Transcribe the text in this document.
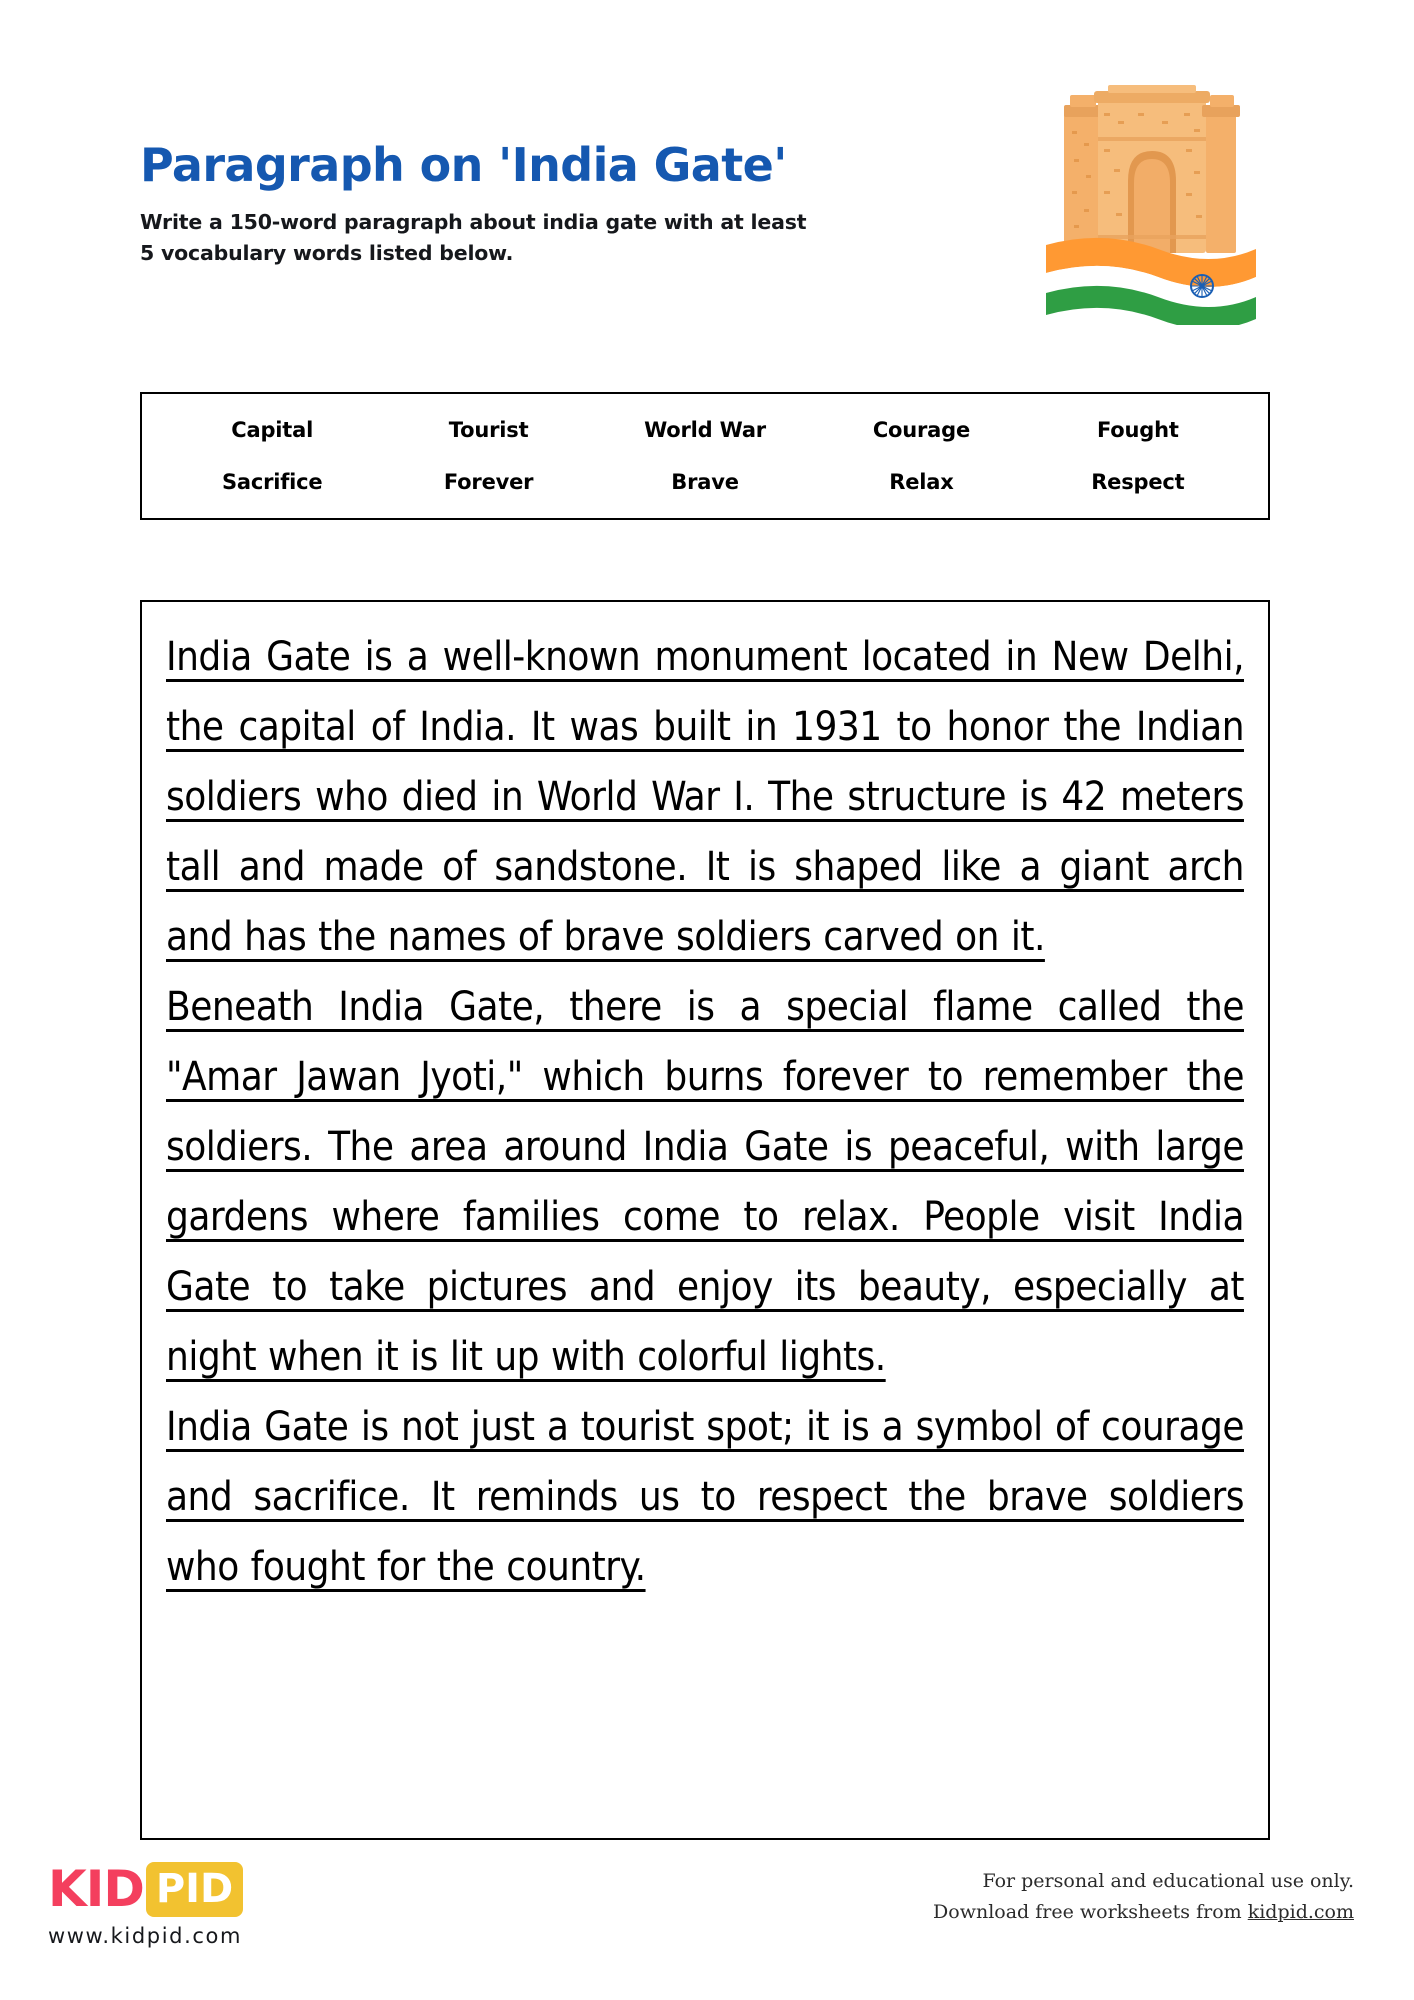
Paragraph on 'India Gate'
Write a 150-word paragraph about india gate with at least
5 vocabulary words listed below.
Capital	Tourist	World War	Courage	Fought
Sacrifice	Forever	Brave	Relax	Respect

India Gate is a well-known monument located in New Delhi, the capital of India. It was built in 1931 to honor the Indian soldiers who died in World War I. The structure is 42 meters tall and made of sandstone. It is shaped like a giant arch and has the names of brave soldiers carved on it.

Beneath India Gate, there is a special flame called the "Amar Jawan Jyoti," which burns forever to remember the soldiers. The area around India Gate is peaceful, with large gardens where families come to relax. People visit India Gate to take pictures and enjoy its beauty, especially at night when it is lit up with colorful lights.

India Gate is not just a tourist spot; it is a symbol of courage and sacrifice. It reminds us to respect the brave soldiers who fought for the country.

KID PID
www.kidpid.com
For personal and educational use only.
Download free worksheets from kidpid.com
